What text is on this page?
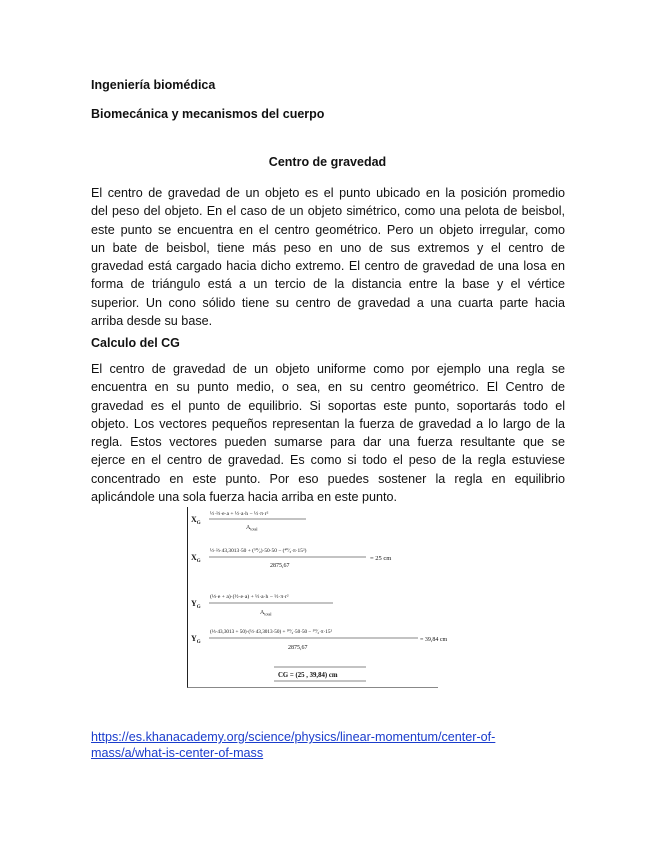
Ingeniería biomédica
Biomecánica y mecanismos del cuerpo
Centro de gravedad
El centro de gravedad de un objeto es el punto ubicado en la posición promedio
del peso del objeto. En el caso de un objeto simétrico, como una pelota de beisbol,
este punto se encuentra en el centro geométrico. Pero un objeto irregular, como
un bate de beisbol, tiene más peso en uno de sus extremos y el centro de
gravedad está cargado hacia dicho extremo. El centro de gravedad de una losa en
forma de triángulo está a un tercio de la distancia entre la base y el vértice
superior. Un cono sólido tiene su centro de gravedad a una cuarta parte hacia
arriba desde su base.
Calculo del CG
El centro de gravedad de un objeto uniforme como por ejemplo una regla se
encuentra en su punto medio, o sea, en su centro geométrico. El Centro de
gravedad es el punto de equilibrio. Si soportas este punto, soportarás todo el
objeto. Los vectores pequeños representan la fuerza de gravedad a lo largo de la
regla. Estos vectores pueden sumarse para dar una fuerza resultante que se
ejerce en el centro de gravedad. Es como si todo el peso de la regla estuviese
concentrado en este punto. Por eso puedes sostener la regla en equilibrio
aplicándole una sola fuerza hacia arriba en este punto.
$X_G$
½·⅔·e·a + ½·a·h − ½·π·r²
$A_{total}$
$X_G$
½·⅔·43,3013·50 + (⁵⁰⁄₂)·50·50 − (⁴⁰⁄₃·π·15²)
2875,67
= 25 cm
$Y_G$
(⅓·e + a)·(½·e·a) + ½·a·h − ½·π·r²
$A_{total}$
$Y_G$
(⅓·43,3013 + 50)·(½·43,3013·50) + ⁵⁰⁄₂·50·50 − ⁵⁰⁄₂·π·15²
2875,67
= 39,84 cm
CG = (25 , 39,84) cm
https://es.khanacademy.org/science/physics/linear-momentum/center-of-
mass/a/what-is-center-of-mass
